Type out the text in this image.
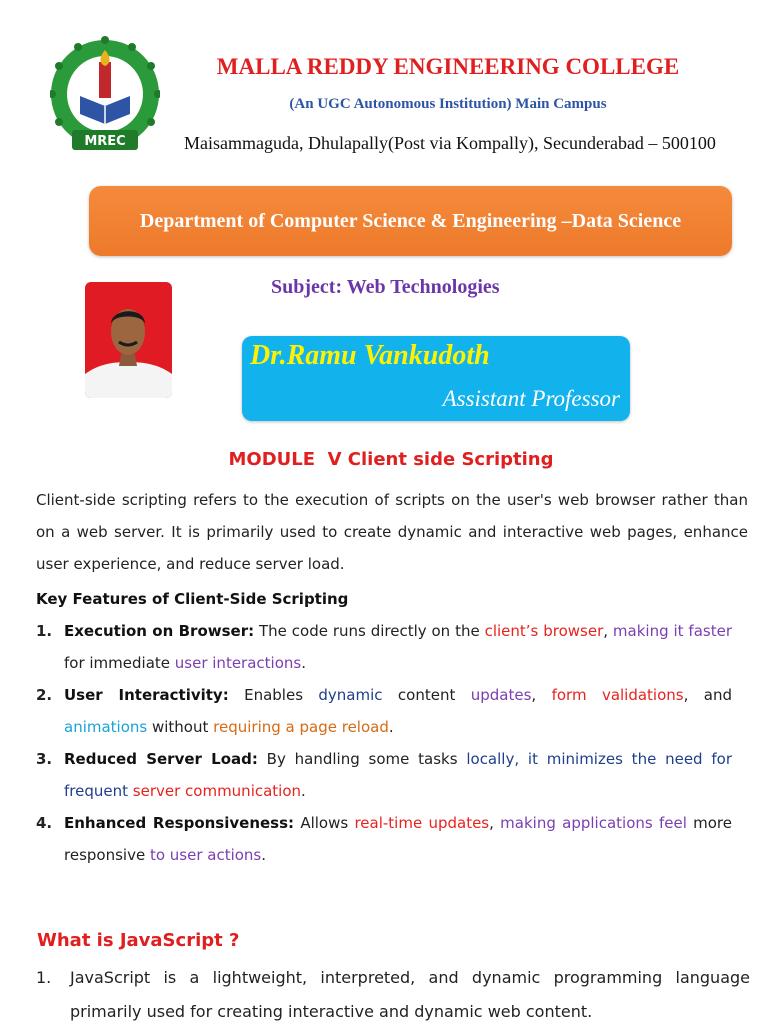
MREC
MALLA REDDY ENGINEERING COLLEGE
(An UGC Autonomous Institution) Main Campus
Maisammaguda, Dhulapally(Post via Kompally), Secunderabad – 500100
Department of Computer Science & Engineering –Data Science
Subject: Web Technologies
Dr.Ramu Vankudoth
Assistant Professor
MODULE  V Client side Scripting
Client-side scripting refers to the execution of scripts on the user's web browser rather than on a web server. It is primarily used to create dynamic and interactive web pages, enhance user experience, and reduce server load.
Key Features of Client-Side Scripting
1. Execution on Browser: The code runs directly on the client’s browser, making it faster for immediate user interactions.
2. User Interactivity: Enables dynamic content updates, form validations, and animations without requiring a page reload.
3. Reduced Server Load: By handling some tasks locally, it minimizes the need for frequent server communication.
4. Enhanced Responsiveness: Allows real-time updates, making applications feel more responsive to user actions.
What is JavaScript ?
1. JavaScript is a lightweight, interpreted, and dynamic programming language primarily used for creating interactive and dynamic web content.
